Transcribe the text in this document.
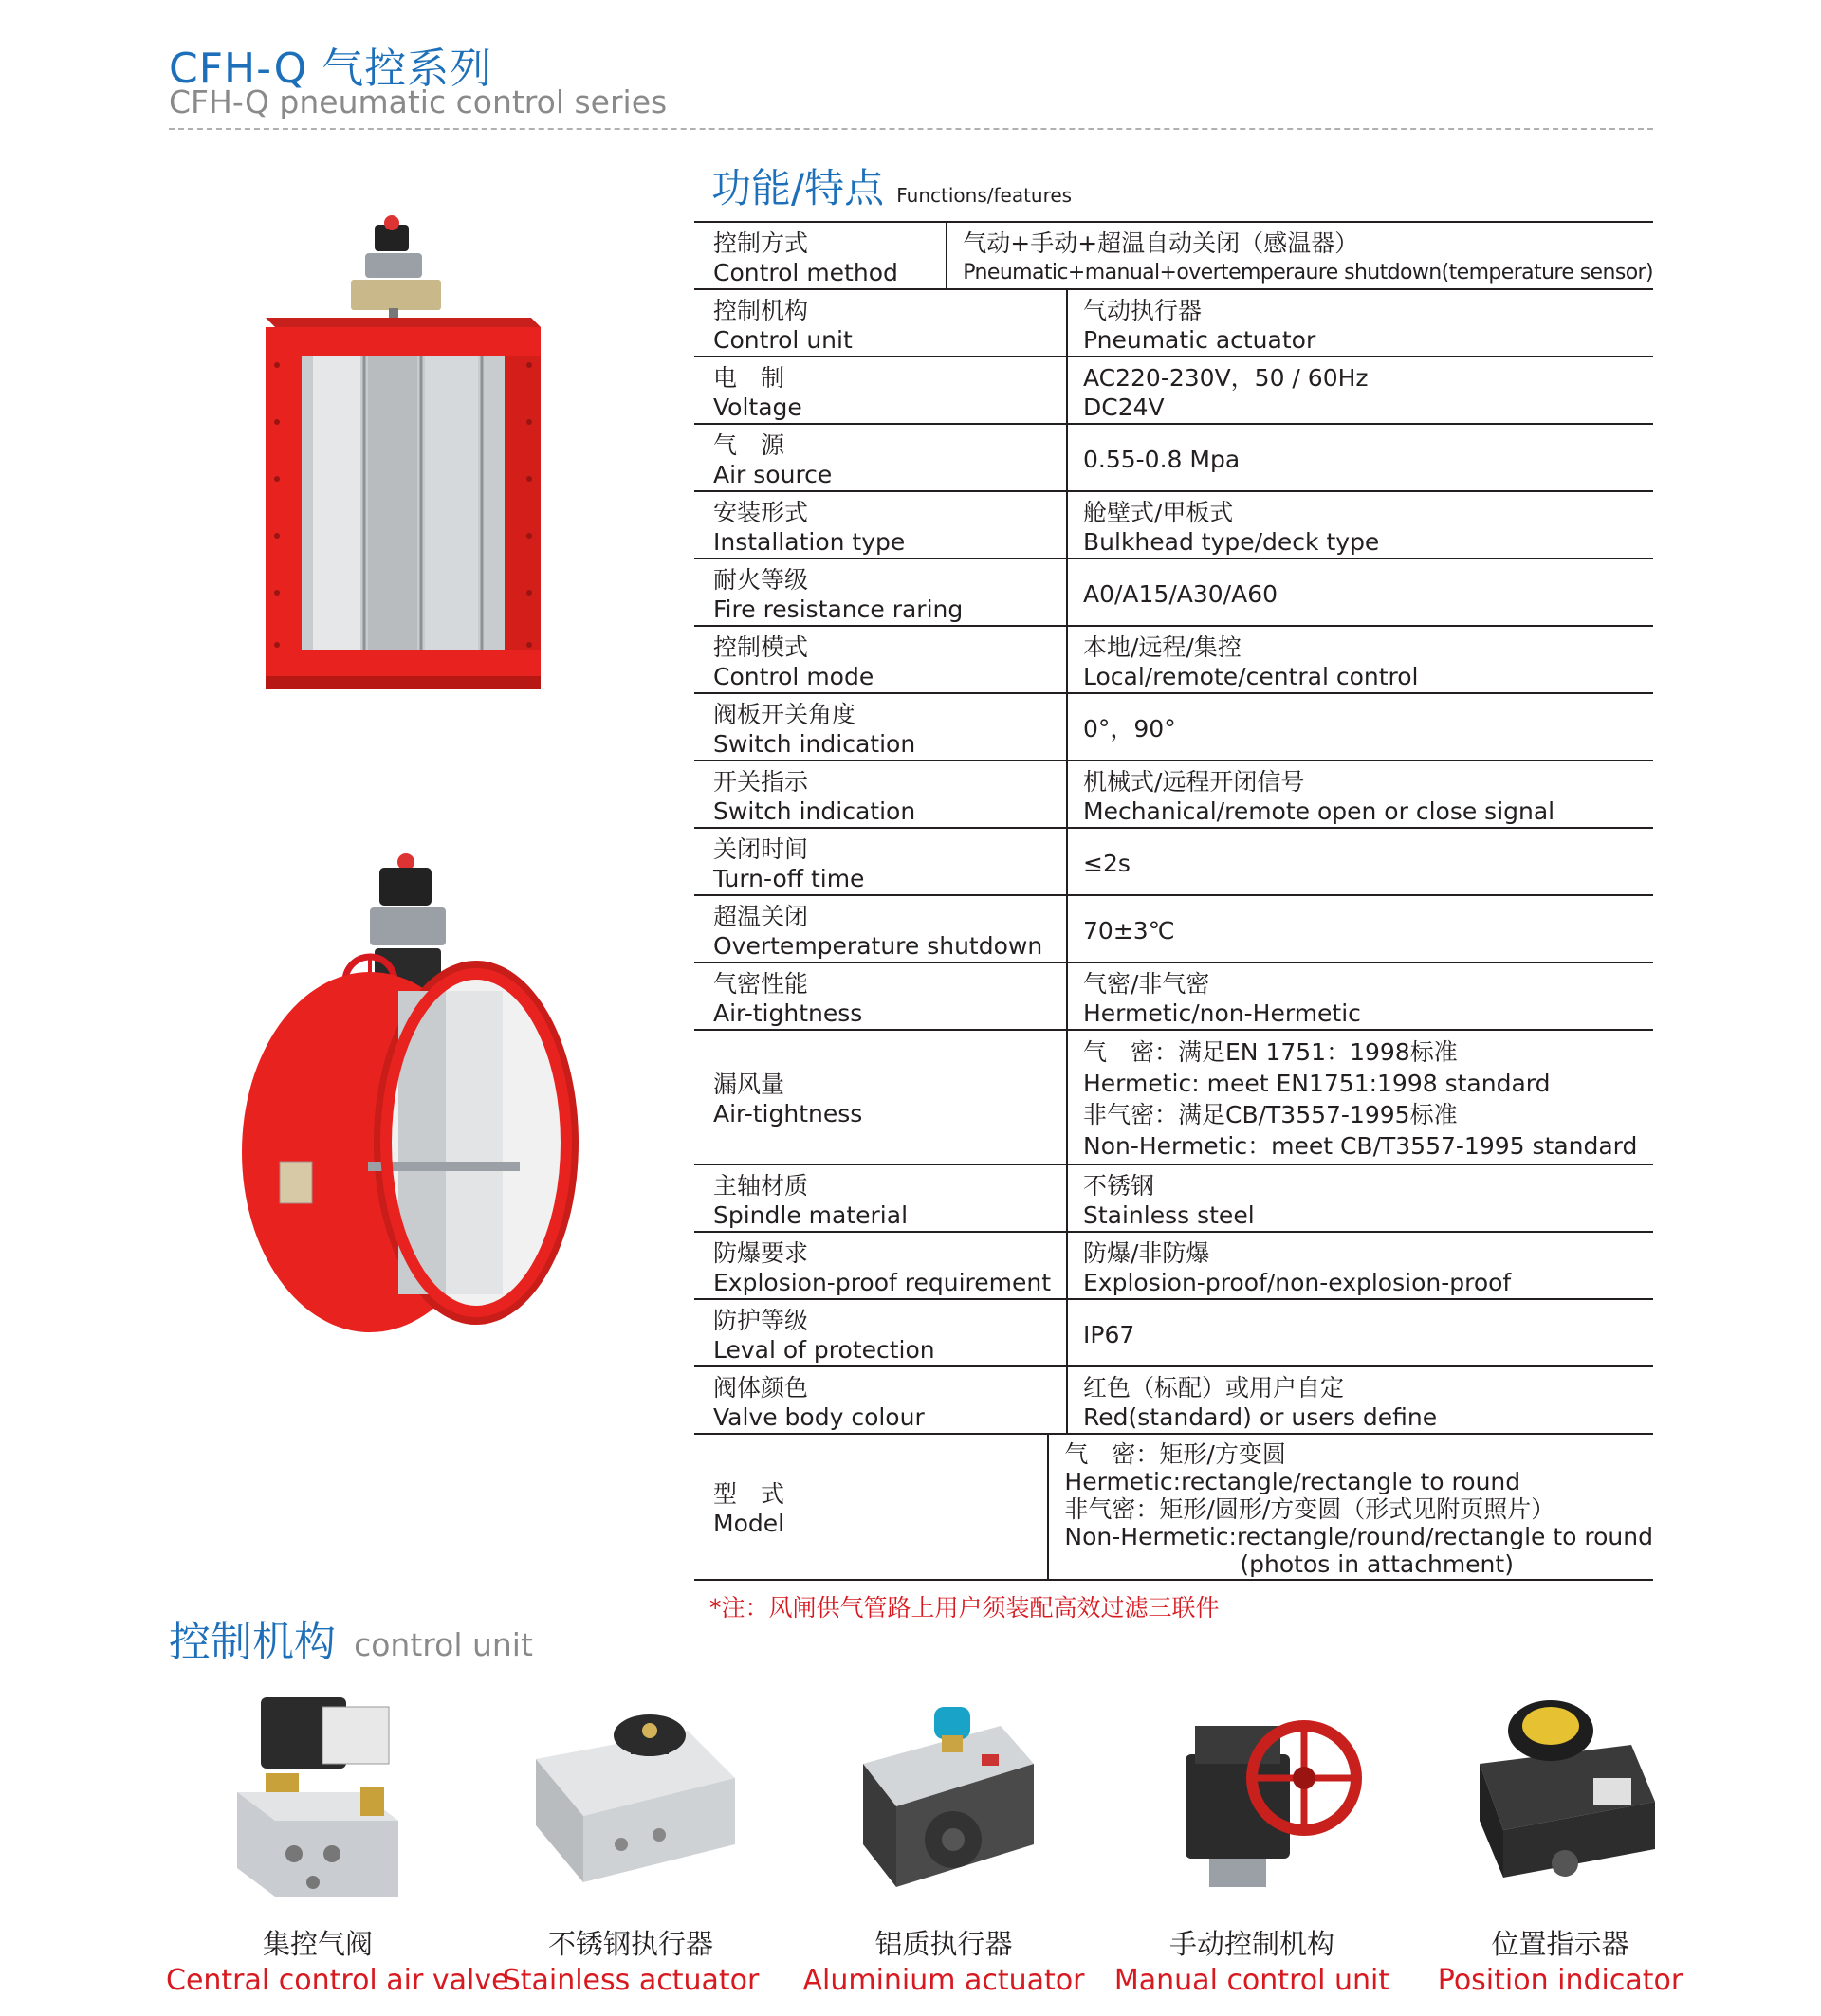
CFH-Q 气控系列
CFH-Q pneumatic control series
功能/特点 Functions/features
控制方式
Control method
气动+手动+超温自动关闭（感温器）
Pneumatic+manual+overtemperaure shutdown(temperature sensor)
控制机构
Control unit
气动执行器
Pneumatic actuator
电　制
Voltage
AC220-230V，50 / 60Hz
DC24V
气　源
Air source
0.55-0.8 Mpa
安装形式
Installation type
舱壁式/甲板式
Bulkhead type/deck type
耐火等级
Fire resistance raring
A0/A15/A30/A60
控制模式
Control mode
本地/远程/集控
Local/remote/central control
阀板开关角度
Switch indication
0°，90°
开关指示
Switch indication
机械式/远程开闭信号
Mechanical/remote open or close signal
关闭时间
Turn-off time
≤2s
超温关闭
Overtemperature shutdown
70±3℃
气密性能
Air-tightness
气密/非气密
Hermetic/non-Hermetic
漏风量
Air-tightness
气　密：满足EN 1751：1998标准
Hermetic: meet EN1751:1998 standard
非气密：满足CB/T3557-1995标准
Non-Hermetic：meet CB/T3557-1995 standard
主轴材质
Spindle material
不锈钢
Stainless steel
防爆要求
Explosion-proof requirement
防爆/非防爆
Explosion-proof/non-explosion-proof
防护等级
Leval of protection
IP67
阀体颜色
Valve body colour
红色（标配）或用户自定
Red(standard) or users define
型　式
Model
气　密：矩形/方变圆
Hermetic:rectangle/rectangle to round
非气密：矩形/圆形/方变圆（形式见附页照片）
Non-Hermetic:rectangle/round/rectangle to round
(photos in attachment)
*注：风闸供气管路上用户须装配高效过滤三联件
控制机构 control unit
集控气阀
Central control air valve
不锈钢执行器
Stainless actuator
铝质执行器
Aluminium actuator
手动控制机构
Manual control unit
位置指示器
Position indicator
